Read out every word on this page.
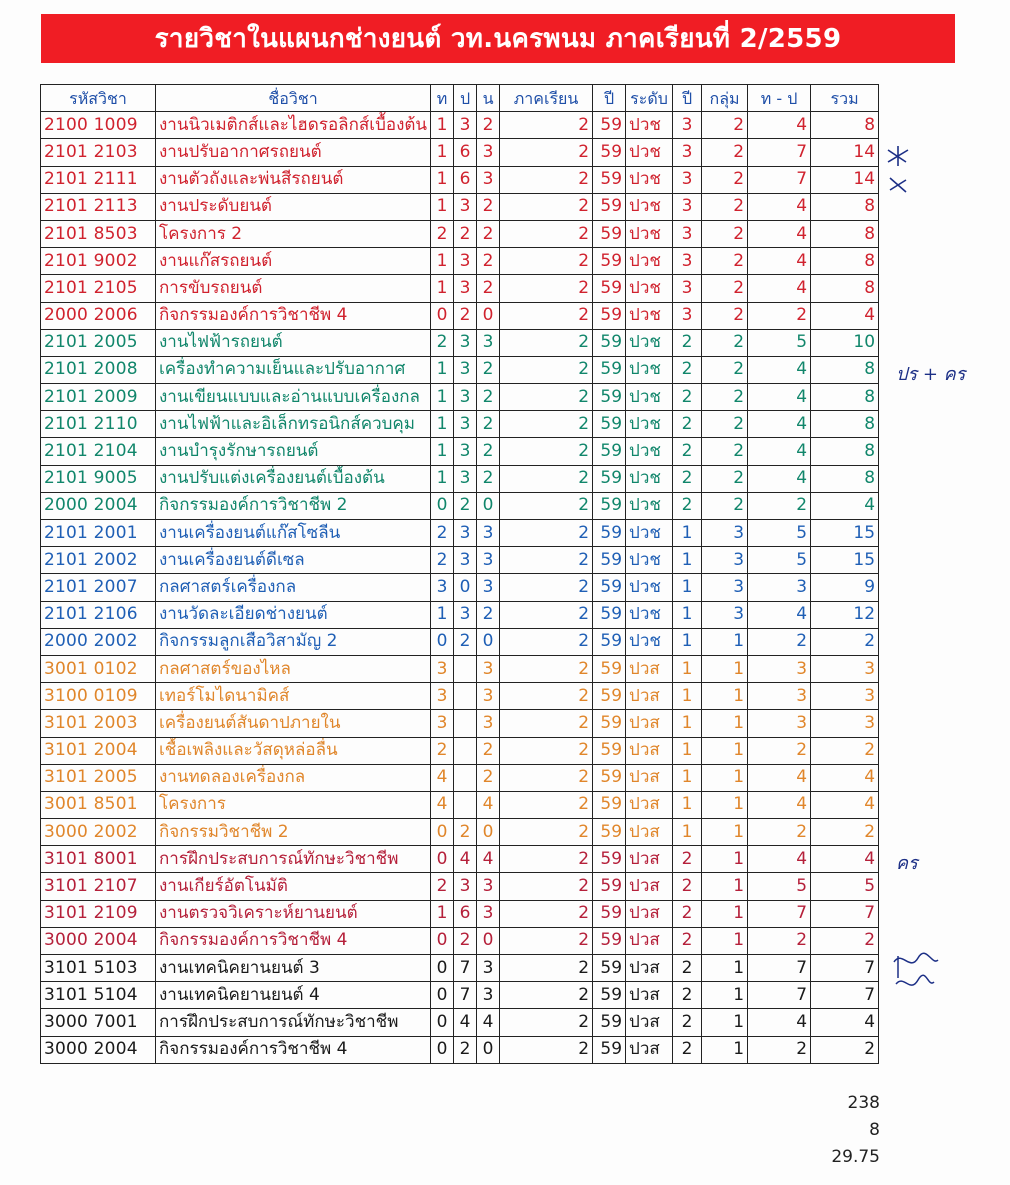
รายวิชาในแผนกช่างยนต์ วท.นครพนม ภาคเรียนที่ 2/2559
รหัสวิชา	ชื่อวิชา	ท	ป	น	ภาคเรียน	ปี	ระดับ	ปี	กลุ่ม	ท - ป	รวม
2100 1009	งานนิวเมติกส์และไฮดรอลิกส์เบื้องต้น	1	3	2	2	59	ปวช	3	2	4	8
2101 2103	งานปรับอากาศรถยนต์	1	6	3	2	59	ปวช	3	2	7	14
2101 2111	งานตัวถังและพ่นสีรถยนต์	1	6	3	2	59	ปวช	3	2	7	14
2101 2113	งานประดับยนต์	1	3	2	2	59	ปวช	3	2	4	8
2101 8503	โครงการ 2	2	2	2	2	59	ปวช	3	2	4	8
2101 9002	งานแก๊สรถยนต์	1	3	2	2	59	ปวช	3	2	4	8
2101 2105	การขับรถยนต์	1	3	2	2	59	ปวช	3	2	4	8
2000 2006	กิจกรรมองค์การวิชาชีพ 4	0	2	0	2	59	ปวช	3	2	2	4
2101 2005	งานไฟฟ้ารถยนต์	2	3	3	2	59	ปวช	2	2	5	10
2101 2008	เครื่องทำความเย็นและปรับอากาศ	1	3	2	2	59	ปวช	2	2	4	8
2101 2009	งานเขียนแบบและอ่านแบบเครื่องกล	1	3	2	2	59	ปวช	2	2	4	8
2101 2110	งานไฟฟ้าและอิเล็กทรอนิกส์ควบคุม	1	3	2	2	59	ปวช	2	2	4	8
2101 2104	งานบำรุงรักษารถยนต์	1	3	2	2	59	ปวช	2	2	4	8
2101 9005	งานปรับแต่งเครื่องยนต์เบื้องต้น	1	3	2	2	59	ปวช	2	2	4	8
2000 2004	กิจกรรมองค์การวิชาชีพ 2	0	2	0	2	59	ปวช	2	2	2	4
2101 2001	งานเครื่องยนต์แก๊สโซลีน	2	3	3	2	59	ปวช	1	3	5	15
2101 2002	งานเครื่องยนต์ดีเซล	2	3	3	2	59	ปวช	1	3	5	15
2101 2007	กลศาสตร์เครื่องกล	3	0	3	2	59	ปวช	1	3	3	9
2101 2106	งานวัดละเอียดช่างยนต์	1	3	2	2	59	ปวช	1	3	4	12
2000 2002	กิจกรรมลูกเสือวิสามัญ 2	0	2	0	2	59	ปวช	1	1	2	2
3001 0102	กลศาสตร์ของไหล	3		3	2	59	ปวส	1	1	3	3
3100 0109	เทอร์โมไดนามิคส์	3		3	2	59	ปวส	1	1	3	3
3101 2003	เครื่องยนต์สันดาปภายใน	3		3	2	59	ปวส	1	1	3	3
3101 2004	เชื้อเพลิงและวัสดุหล่อลื่น	2		2	2	59	ปวส	1	1	2	2
3101 2005	งานทดลองเครื่องกล	4		2	2	59	ปวส	1	1	4	4
3001 8501	โครงการ	4		4	2	59	ปวส	1	1	4	4
3000 2002	กิจกรรมวิชาชีพ 2	0	2	0	2	59	ปวส	1	1	2	2
3101 8001	การฝึกประสบการณ์ทักษะวิชาชีพ	0	4	4	2	59	ปวส	2	1	4	4
3101 2107	งานเกียร์อัตโนมัติ	2	3	3	2	59	ปวส	2	1	5	5
3101 2109	งานตรวจวิเคราะห์ยานยนต์	1	6	3	2	59	ปวส	2	1	7	7
3000 2004	กิจกรรมองค์การวิชาชีพ 4	0	2	0	2	59	ปวส	2	1	2	2
3101 5103	งานเทคนิคยานยนต์ 3	0	7	3	2	59	ปวส	2	1	7	7
3101 5104	งานเทคนิคยานยนต์ 4	0	7	3	2	59	ปวส	2	1	7	7
3000 7001	การฝึกประสบการณ์ทักษะวิชาชีพ	0	4	4	2	59	ปวส	2	1	4	4
3000 2004	กิจกรรมองค์การวิชาชีพ 4	0	2	0	2	59	ปวส	2	1	2	2
238
8
29.75
ปร + คร
คร
